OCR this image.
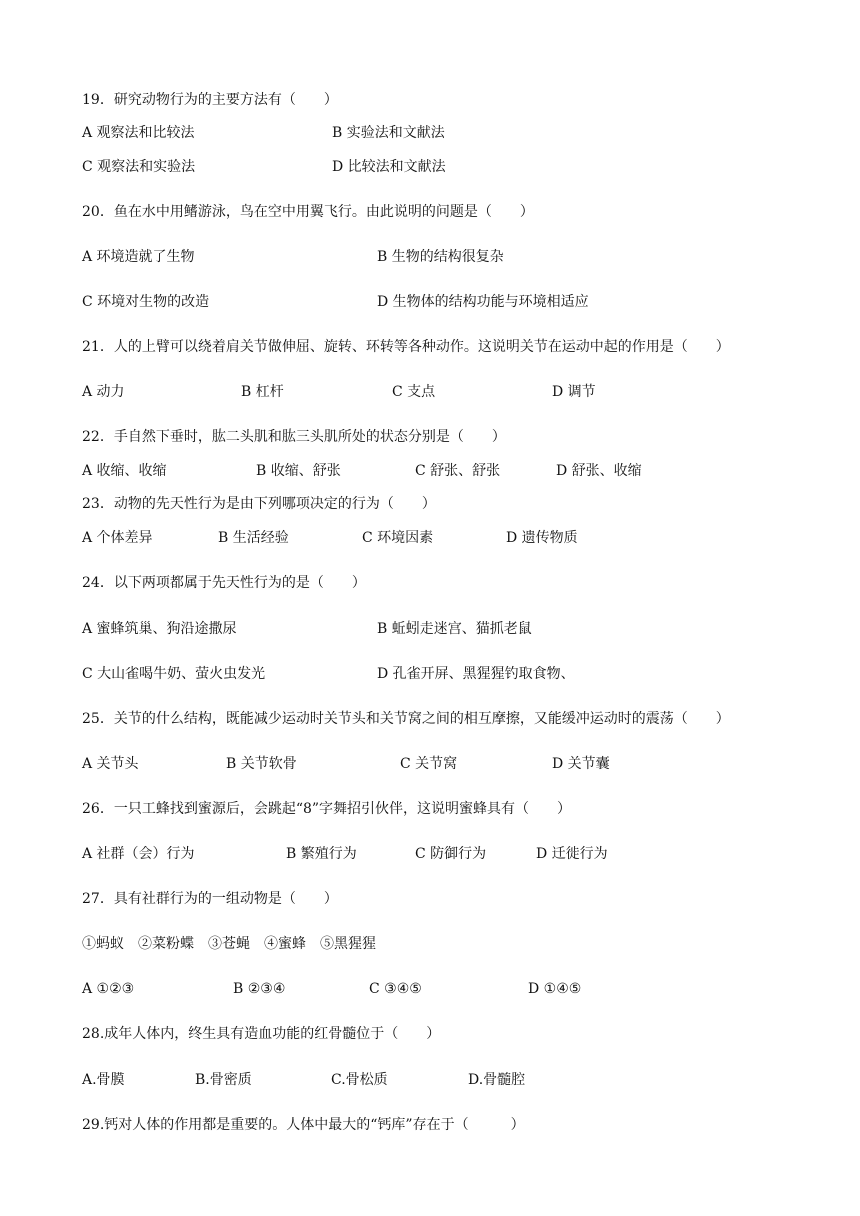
19．研究动物行为的主要方法有（　　）
A 观察法和比较法	B 实验法和文献法
C 观察法和实验法	D 比较法和文献法
20．鱼在水中用鳍游泳，鸟在空中用翼飞行。由此说明的问题是（　　）
A 环境造就了生物	B 生物的结构很复杂
C 环境对生物的改造	D 生物体的结构功能与环境相适应
21．人的上臂可以绕着肩关节做伸屈、旋转、环转等各种动作。这说明关节在运动中起的作用是（　　）
A 动力	B 杠杆	C 支点	D 调节
22．手自然下垂时，肱二头肌和肱三头肌所处的状态分别是（　　）
A 收缩、收缩	B 收缩、舒张	C 舒张、舒张	D 舒张、收缩
23．动物的先天性行为是由下列哪项决定的行为（　　）
A 个体差异	B 生活经验	C 环境因素	D 遗传物质
24．以下两项都属于先天性行为的是（　　）
A 蜜蜂筑巢、狗沿途撒尿	B 蚯蚓走迷宫、猫抓老鼠
C 大山雀喝牛奶、萤火虫发光	D 孔雀开屏、黑猩猩钓取食物、
25．关节的什么结构，既能减少运动时关节头和关节窝之间的相互摩擦，又能缓冲运动时的震荡（　　）
A 关节头	B 关节软骨	C 关节窝	D 关节囊
26．一只工蜂找到蜜源后，会跳起“8”字舞招引伙伴，这说明蜜蜂具有（　　）
A 社群（会）行为	B 繁殖行为	C 防御行为	D 迁徙行为
27．具有社群行为的一组动物是（　　）
①蚂蚁　②菜粉蝶　③苍蝇　④蜜蜂　⑤黑猩猩
A ①②③	B ②③④	C ③④⑤	D ①④⑤
28.成年人体内，终生具有造血功能的红骨髓位于（　　）
A.骨膜	B.骨密质	C.骨松质	D.骨髓腔
29.钙对人体的作用都是重要的。人体中最大的“钙库”存在于（　　　）
